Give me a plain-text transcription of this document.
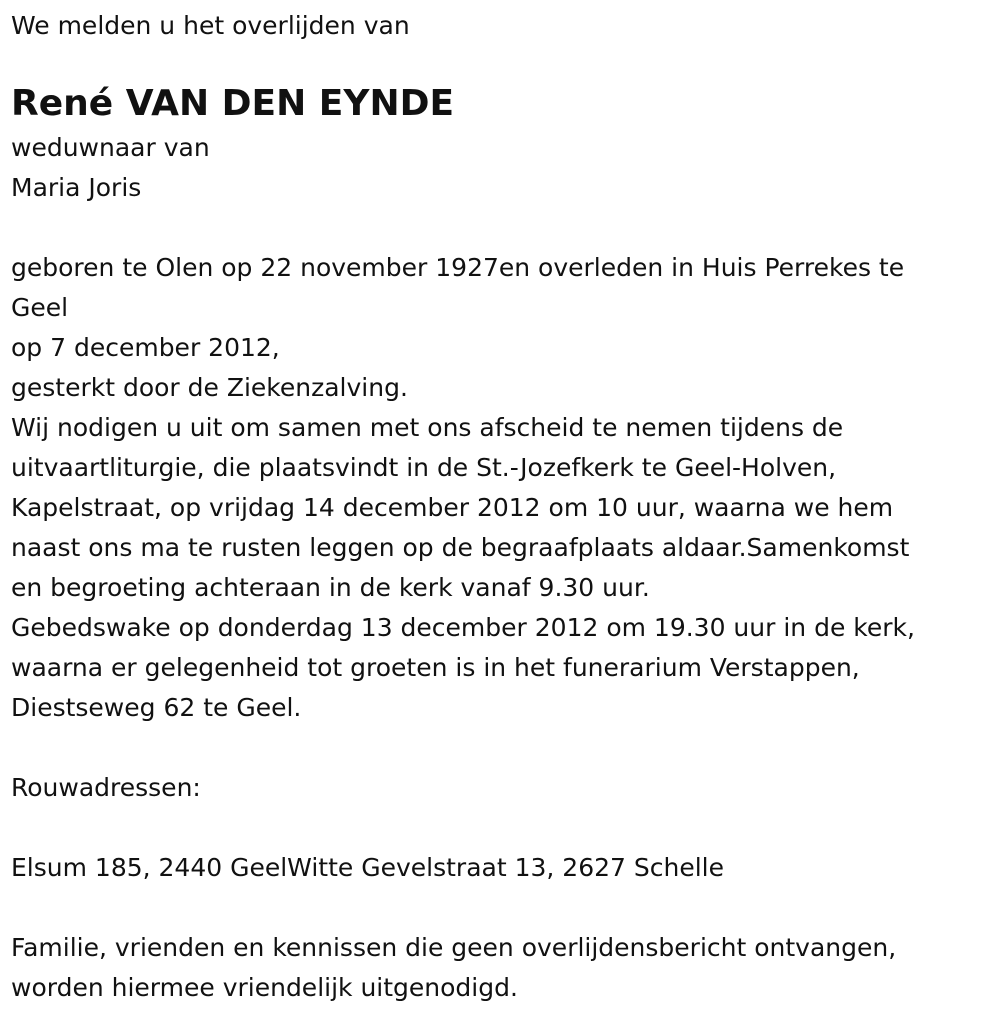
We melden u het overlijden van

René VAN DEN EYNDE

weduwnaar van

Maria Joris

geboren te Olen op 22 november 1927en overleden in Huis Perrekes te

Geel

op 7 december 2012,

gesterkt door de Ziekenzalving.

Wij nodigen u uit om samen met ons afscheid te nemen tijdens de

uitvaartliturgie, die plaatsvindt in de St.-Jozefkerk te Geel-Holven,

Kapelstraat, op vrijdag 14 december 2012 om 10 uur, waarna we hem

naast ons ma te rusten leggen op de begraafplaats aldaar.Samenkomst

en begroeting achteraan in de kerk vanaf 9.30 uur.

Gebedswake op donderdag 13 december 2012 om 19.30 uur in de kerk,

waarna er gelegenheid tot groeten is in het funerarium Verstappen,

Diestseweg 62 te Geel.

Rouwadressen:

Elsum 185, 2440 GeelWitte Gevelstraat 13, 2627 Schelle

Familie, vrienden en kennissen die geen overlijdensbericht ontvangen,

worden hiermee vriendelijk uitgenodigd.
